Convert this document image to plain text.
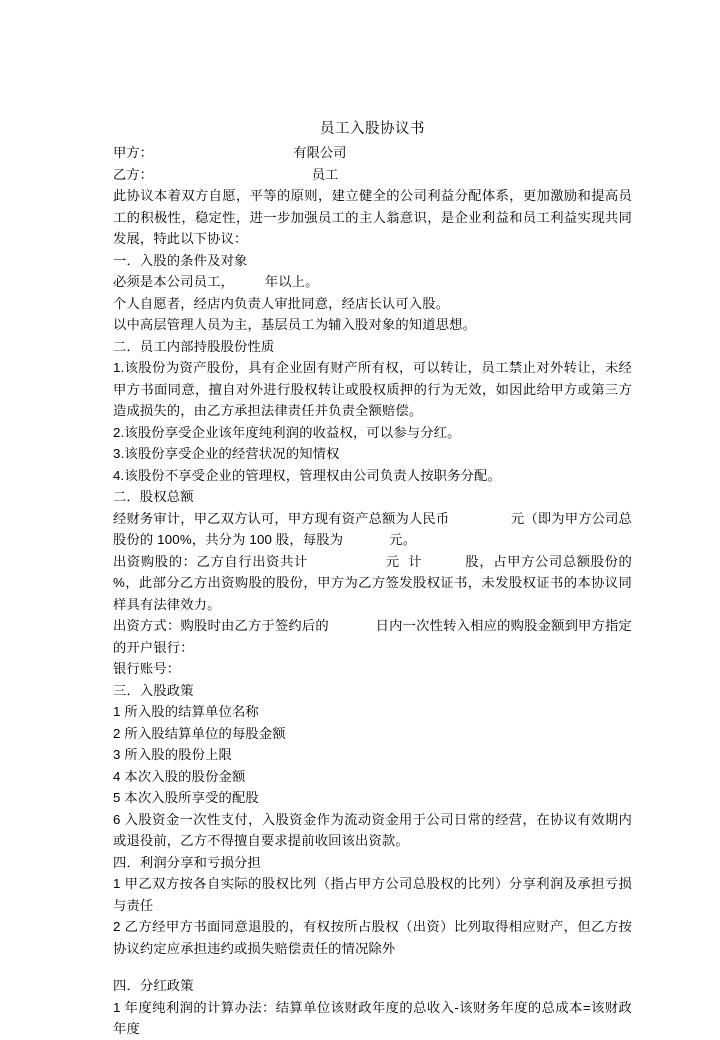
员工入股协议书
甲方：	有限公司
乙方：	员工

此协议本着双方自愿，平等的原则，建立健全的公司利益分配体系，更加激励和提高员工的积极性，稳定性，进一步加强员工的主人翁意识，是企业利益和员工利益实现共同发展，特此以下协议：

一．入股的条件及对象

必须是本公司员工，        年以上。

个人自愿者，经店内负责人审批同意，经店长认可入股。

以中高层管理人员为主，基层员工为辅入股对象的知道思想。

二．员工内部持股股份性质

1.该股份为资产股份，具有企业固有财产所有权，可以转让，员工禁止对外转让，未经甲方书面同意，擅自对外进行股权转让或股权质押的行为无效，如因此给甲方或第三方造成损失的，由乙方承担法律责任并负责全额赔偿。

2.该股份享受企业该年度纯利润的收益权，可以参与分红。

3.该股份享受企业的经营状况的知情权

4.该股份不享受企业的管理权，管理权由公司负责人按职务分配。

二．股权总额

经财务审计，甲乙双方认可，甲方现有资产总额为人民币                元（即为甲方公司总股份的 100%，共分为 100 股，每股为            元。

出资购股的：乙方自行出资共计                  元  计          股，占甲方公司总额股份的          %，此部分乙方出资购股的股份，甲方为乙方签发股权证书，未发股权证书的本协议同样具有法律效力。

出资方式：购股时由乙方于签约后的            日内一次性转入相应的购股金额到甲方指定的开户银行：

银行账号：

三．入股政策

1 所入股的结算单位名称

2 所入股结算单位的每股金额

3 所入股的股份上限

4 本次入股的股份金额

5 本次入股所享受的配股

6 入股资金一次性支付，入股资金作为流动资金用于公司日常的经营，在协议有效期内或退役前，乙方不得擅自要求提前收回该出资款。

四．利润分享和亏损分担

1 甲乙双方按各自实际的股权比列（指占甲方公司总股权的比列）分享利润及承担亏损与责任

2 乙方经甲方书面同意退股的，有权按所占股权（出资）比列取得相应财产，但乙方按协议约定应承担违约或损失赔偿责任的情况除外

四．分红政策

1 年度纯利润的计算办法：结算单位该财政年度的总收入-该财务年度的总成本=该财政年度
